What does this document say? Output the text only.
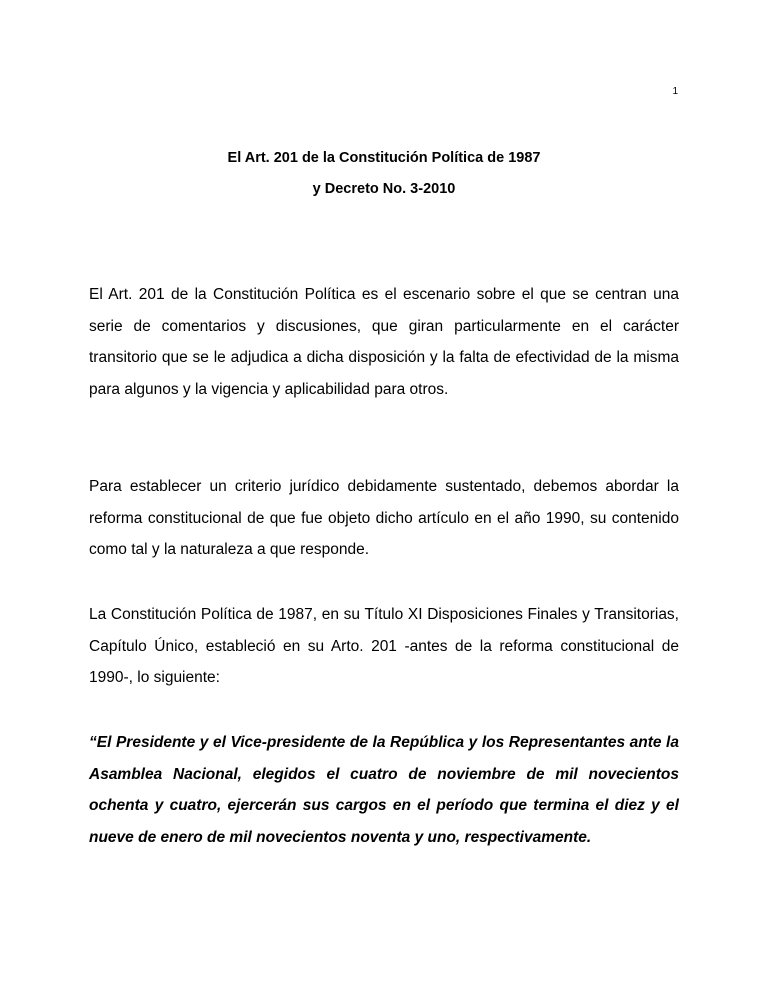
1
El Art. 201 de la Constitución Política de 1987
y Decreto No. 3-2010

El Art. 201 de la Constitución Política es el escenario sobre el que se centran una serie de comentarios y discusiones, que giran particularmente en el carácter transitorio que se le adjudica a dicha disposición y la falta de efectividad de la misma para algunos y la vigencia y aplicabilidad para otros.

Para establecer un criterio jurídico debidamente sustentado, debemos abordar la reforma constitucional de que fue objeto dicho artículo en el año 1990, su contenido como tal y la naturaleza a que responde.

La Constitución Política de 1987, en su Título XI Disposiciones Finales y Transitorias, Capítulo Único, estableció en su Arto. 201 -antes de la reforma constitucional de 1990-, lo siguiente:

“El Presidente y el Vice-presidente de la República y los Representantes ante la Asamblea Nacional, elegidos el cuatro de noviembre de mil novecientos ochenta y cuatro, ejercerán sus cargos en el período que termina el diez y el nueve de enero de mil novecientos noventa y uno, respectivamente.
